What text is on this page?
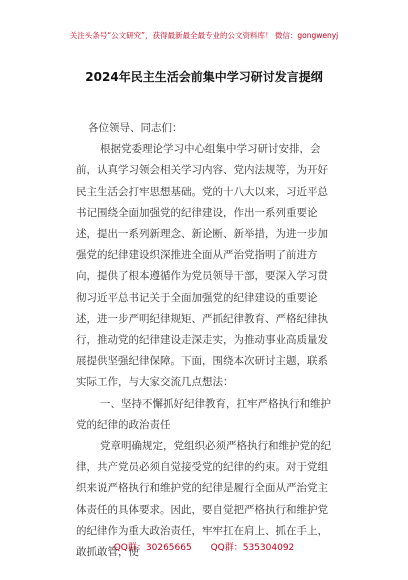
关注头条号“公文研究”，获得最新最全最专业的公文资料库！ 微信：gongwenyj
2024年民主生活会前集中学习研讨发言提纲

各位领导、同志们：

根据党委理论学习中心组集中学习研讨安排，会前，认真学习领会相关学习内容、党内法规等，为开好民主生活会打牢思想基础。党的十八大以来，习近平总书记围绕全面加强党的纪律建设，作出一系列重要论述，提出一系列新理念、新论断、新举措，为进一步加强党的纪律建设织深推进全面从严治党指明了前进方向，提供了根本遵循作为党员领导干部，要深入学习贯彻习近平总书记关于全面加强党的纪律建设的重要论述，进一步严明纪律规矩、严抓纪律教育、严格纪律执行，推动党的纪律建设走深走实，为推动事业高质量发展提供坚强纪律保障。下面，围绕本次研讨主题，联系实际工作，与大家交流几点想法：

一、坚持不懈抓好纪律教育，扛牢严格执行和维护党的纪律的政治责任

党章明确规定，党组织必须严格执行和维护党的纪律，共产党员必须自觉接受党的纪律的约束。对于党组织来说严格执行和维护党的纪律是履行全面从严治党主体责任的具体要求。因此，要自觉把严格执行和维护党的纪律作为重大政治责任，牢牢扛在肩上、抓在手上，敢抓敢管，使

QQ群：30265665 QQ群：535304092
